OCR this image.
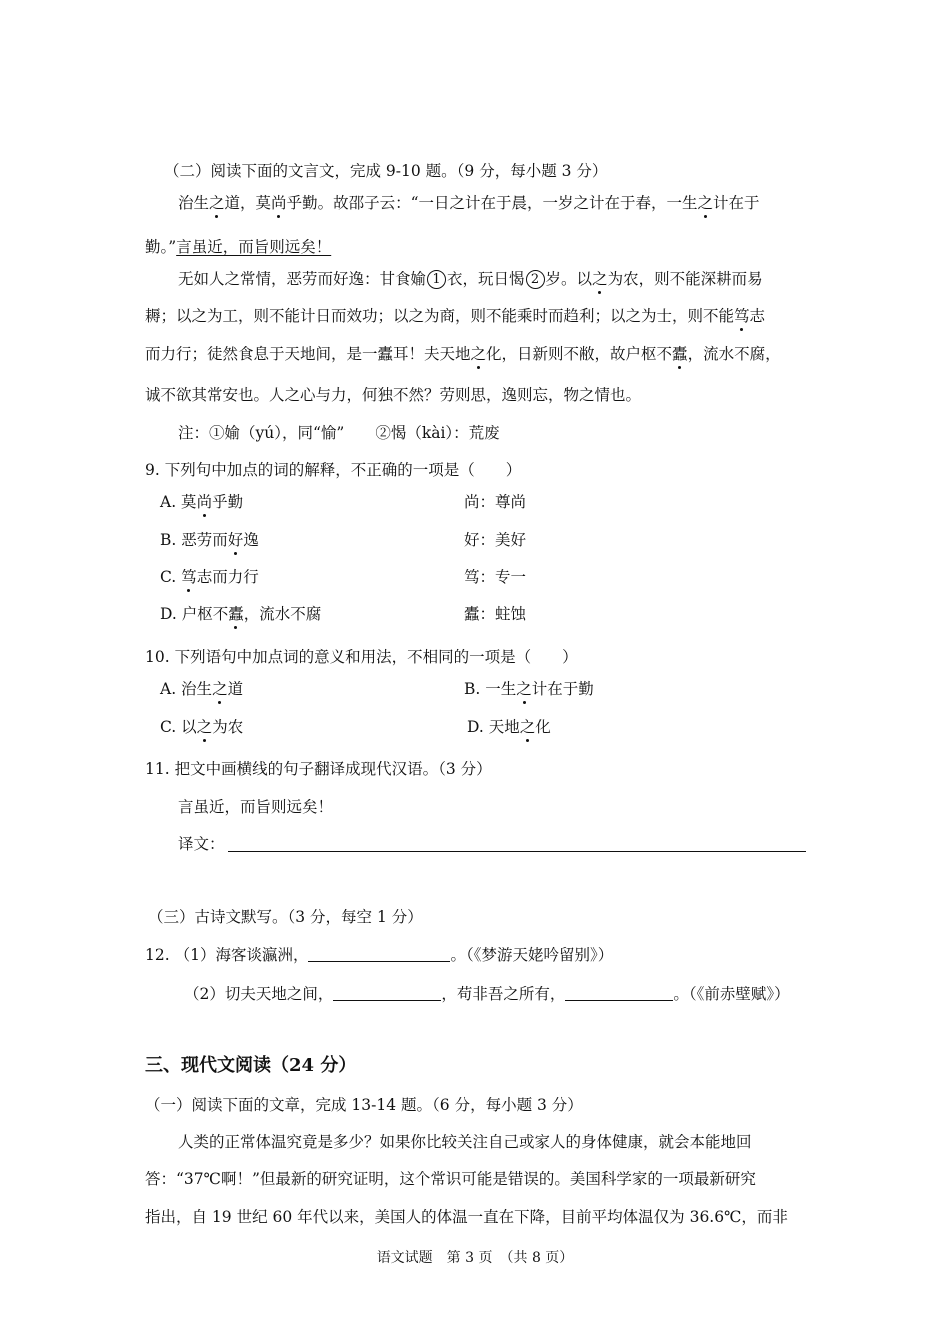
（二）阅读下面的文言文，完成 9-10 题。（9 分，每小题 3 分）
治生之道，莫尚乎勤。故邵子云：“一日之计在于晨，一岁之计在于春，一生之计在于
勤。”言虽近，而旨则远矣！
无如人之常情，恶劳而好逸：甘食媮 1 衣，玩日愒 2 岁。以之为农，则不能深耕而易
耨；以之为工，则不能计日而效功；以之为商，则不能乘时而趋利；以之为士，则不能笃志
而力行；徒然食息于天地间，是一蠹耳！夫天地之化，日新则不敝，故户枢不蠹，流水不腐，
诚不欲其常安也。人之心与力，何独不然？劳则思，逸则忘，物之情也。
注：①媮（yú），同“愉”　　②愒（kài）：荒废
9. 下列句中加点的词的解释，不正确的一项是（　　）
A. 莫尚乎勤	尚：尊尚
B. 恶劳而好逸	好：美好
C. 笃志而力行	笃：专一
D. 户枢不蠹，流水不腐	蠹：蛀蚀
10. 下列语句中加点词的意义和用法，不相同的一项是（　　）
A. 治生之道	B. 一生之计在于勤
C. 以之为农	D. 天地之化
11. 把文中画横线的句子翻译成现代汉语。（3 分）
言虽近，而旨则远矣！
译文：
（三）古诗文默写。（3 分，每空 1 分）
12. （1）海客谈瀛洲，	。（《梦游天姥吟留别》）
（2）切夫天地之间，	，苟非吾之所有，	。（《前赤壁赋》）
三、现代文阅读（24 分）
（一）阅读下面的文章，完成 13-14 题。（6 分，每小题 3 分）
人类的正常体温究竟是多少？如果你比较关注自己或家人的身体健康，就会本能地回
答：“37℃啊！”但最新的研究证明，这个常识可能是错误的。美国科学家的一项最新研究
指出，自 19 世纪 60 年代以来，美国人的体温一直在下降，目前平均体温仅为 36.6℃，而非
语文试题　第 3 页　（共 8 页）
